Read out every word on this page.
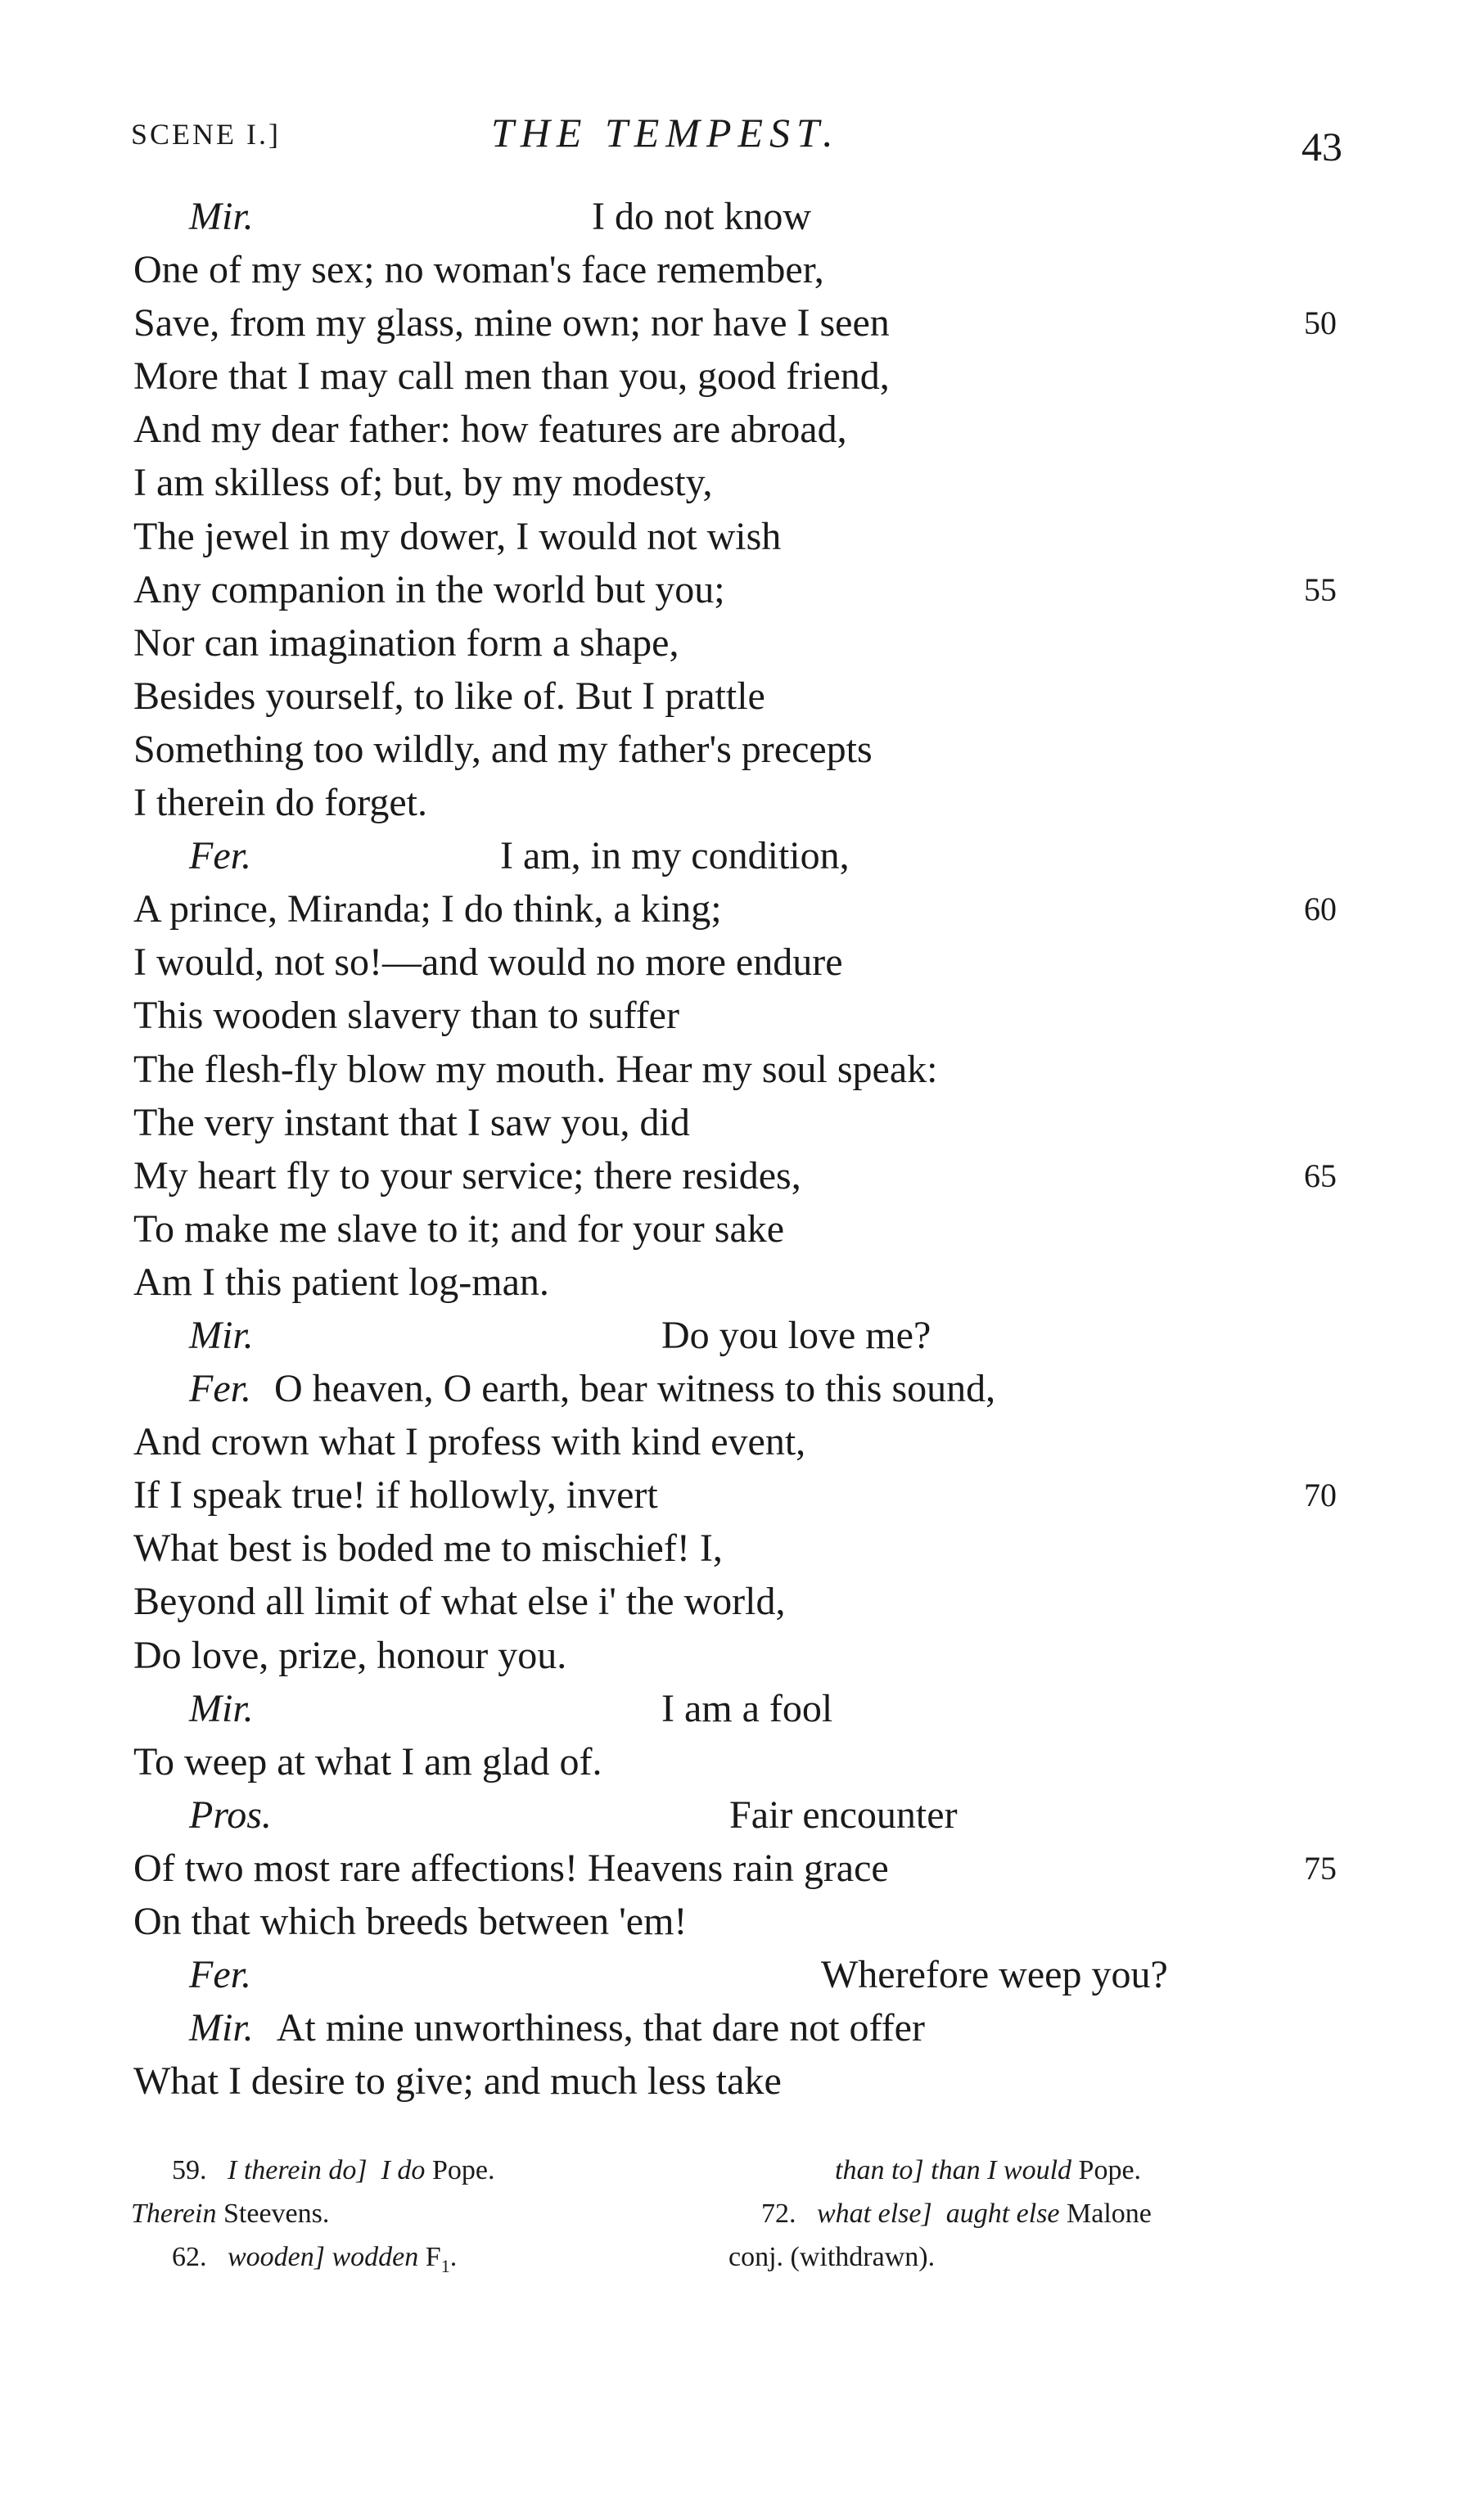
SCENE I.]	THE TEMPEST.	43
Mir.	I do not know
One of my sex; no woman's face remember,
Save, from my glass, mine own; nor have I seen	50
More that I may call men than you, good friend,
And my dear father: how features are abroad,
I am skilless of; but, by my modesty,
The jewel in my dower, I would not wish
Any companion in the world but you;	55
Nor can imagination form a shape,
Besides yourself, to like of. But I prattle
Something too wildly, and my father's precepts
I therein do forget.
Fer.	I am, in my condition,
A prince, Miranda; I do think, a king;	60
I would, not so!—and would no more endure
This wooden slavery than to suffer
The flesh-fly blow my mouth. Hear my soul speak:
The very instant that I saw you, did
My heart fly to your service; there resides,	65
To make me slave to it; and for your sake
Am I this patient log-man.
Mir.	Do you love me?
Fer. O heaven, O earth, bear witness to this sound,
And crown what I profess with kind event,
If I speak true! if hollowly, invert	70
What best is boded me to mischief! I,
Beyond all limit of what else i' the world,
Do love, prize, honour you.
Mir.	I am a fool
To weep at what I am glad of.
Pros.	Fair encounter
Of two most rare affections! Heavens rain grace	75
On that which breeds between 'em!
Fer.	Wherefore weep you?
Mir. At mine unworthiness, that dare not offer
What I desire to give; and much less take
59. I therein do] I do Pope.	than to] than I would Pope.
Therein Steevens.	72. what else] aught else Malone
62. wooden] wodden $F_1$.	conj. (withdrawn).
